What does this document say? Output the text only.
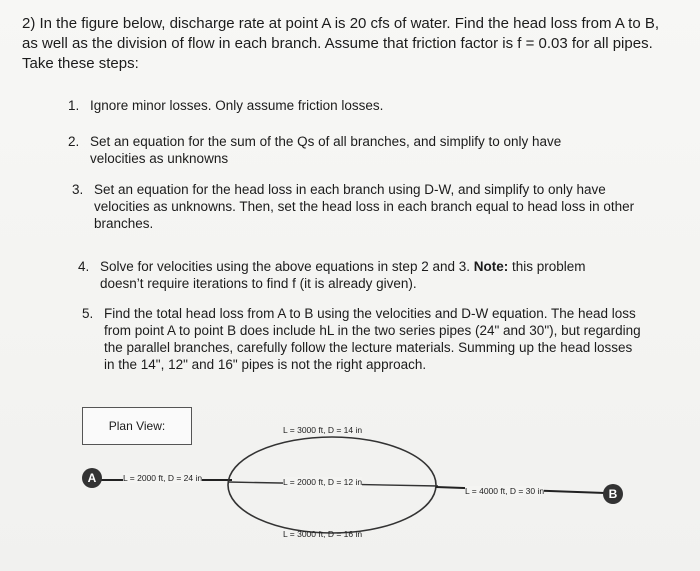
2) In the figure below, discharge rate at point A is 20 cfs of water. Find the head loss from A to B, as well as the division of flow in each branch. Assume that friction factor is f = 0.03 for all pipes. Take these steps:
1. Ignore minor losses. Only assume friction losses.
2. Set an equation for the sum of the Qs of all branches, and simplify to only have velocities as unknowns
3. Set an equation for the head loss in each branch using D-W, and simplify to only have velocities as unknowns. Then, set the head loss in each branch equal to head loss in other branches.
4. Solve for velocities using the above equations in step 2 and 3. Note: this problem doesn’t require iterations to find f (it is already given).
5. Find the total head loss from A to B using the velocities and D-W equation. The head loss from point A to point B does include hL in the two series pipes (24" and 30"), but regarding the parallel branches, carefully follow the lecture materials. Summing up the head losses in the 14", 12" and 16" pipes is not the right approach.
Plan View:
A
B
L = 2000 ft, D = 24 in
L = 3000 ft, D = 14 in
L = 2000 ft, D = 12 in
L = 3000 ft, D = 16 in
L = 4000 ft, D = 30 in
